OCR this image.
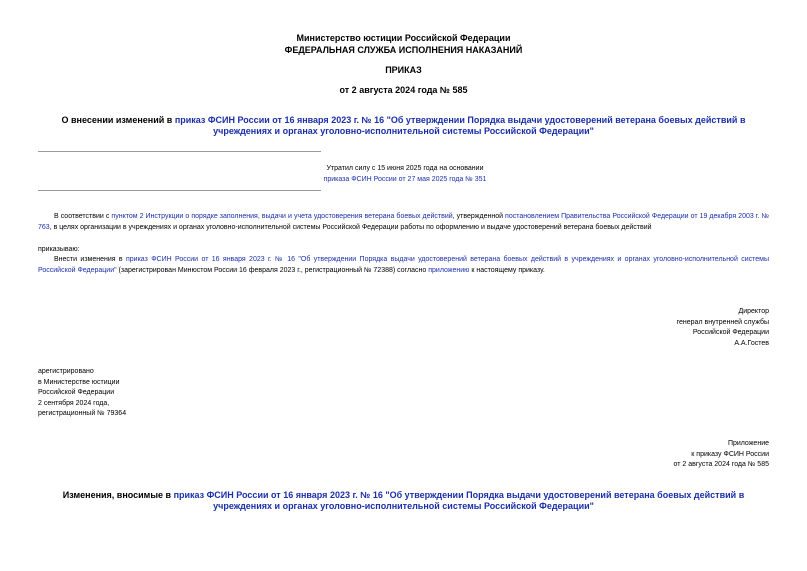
Министерство юстиции Российской Федерации
ФЕДЕРАЛЬНАЯ СЛУЖБА ИСПОЛНЕНИЯ НАКАЗАНИЙ
ПРИКАЗ
от 2 августа 2024 года № 585
О внесении изменений в приказ ФСИН России от 16 января 2023 г. № 16 "Об утверждении Порядка выдачи удостоверений ветерана боевых действий в учреждениях и органах уголовно-исполнительной системы Российской Федерации"
Утратил силу с 15 июня 2025 года на основании
приказа ФСИН России от 27 мая 2025 года № 351
В соответствии с пунктом 2 Инструкции о порядке заполнения, выдачи и учета удостоверения ветерана боевых действий, утвержденной постановлением Правительства Российской Федерации от 19 декабря 2003 г. № 763, в целях организации в учреждениях и органах уголовно-исполнительной системы Российской Федерации работы по оформлению и выдаче удостоверений ветерана боевых действий
приказываю:
Внести изменения в приказ ФСИН России от 16 января 2023 г. № 16 "Об утверждении Порядка выдачи удостоверений ветерана боевых действий в учреждениях и органах уголовно-исполнительной системы Российской Федерации" (зарегистрирован Минюстом России 16 февраля 2023 г., регистрационный № 72388) согласно приложению к настоящему приказу.
Директор
генерал внутренней службы
Российской Федерации
А.А.Гостев
арегистрировано
в Министерстве юстиции
Российской Федерации
2 сентября 2024 года,
регистрационный № 79364
Приложение
к приказу ФСИН России
от 2 августа 2024 года № 585
Изменения, вносимые в приказ ФСИН России от 16 января 2023 г. № 16 "Об утверждении Порядка выдачи удостоверений ветерана боевых действий в учреждениях и органах уголовно-исполнительной системы Российской Федерации"
